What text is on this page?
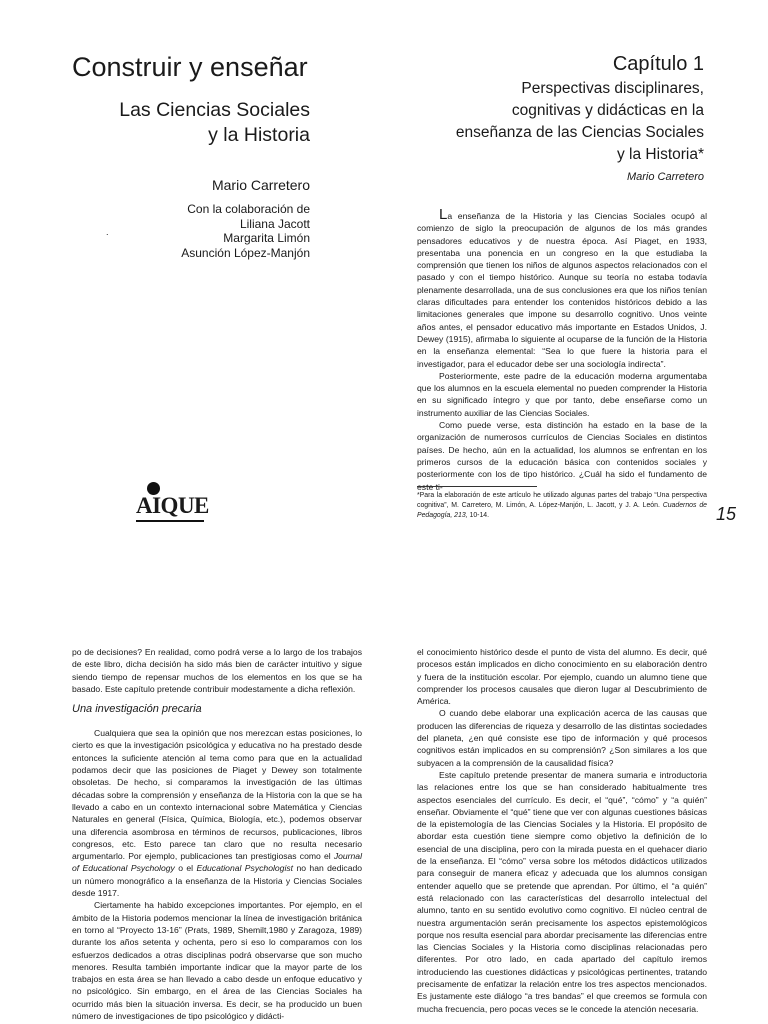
Construir y enseñar
Las Ciencias Sociales
y la Historia
Mario Carretero
Con la colaboración de
Liliana Jacott
Margarita Limón
Asunción López-Manjón
.
AIQUE
Capítulo 1
Perspectivas disciplinares,
cognitivas y didácticas en la
enseñanza de las Ciencias Sociales
y la Historia*
Mario Carretero

La enseñanza de la Historia y las Ciencias Sociales ocupó al comienzo de siglo la preocupación de algunos de los más grandes pensadores educativos y de nuestra época. Así Piaget, en 1933, presentaba una ponencia en un congreso en la que estudiaba la comprensión que tienen los niños de algunos aspectos relacionados con el pasado y con el tiempo histórico. Aunque su teoría no estaba todavía plenamente desarrollada, una de sus conclusiones era que los niños tenían claras dificultades para entender los contenidos históricos debido a las limitaciones generales que impone su desarrollo cognitivo. Unos veinte años antes, el pensador educativo más importante en Estados Unidos, J. Dewey (1915), afirmaba lo siguiente al ocuparse de la función de la Historia en la enseñanza elemental: “Sea lo que fuere la historia para el investigador, para el educador debe ser una sociología indirecta”.

Posteriormente, este padre de la educación moderna argumentaba que los alumnos en la escuela elemental no pueden comprender la Historia en su significado íntegro y que por tanto, debe enseñarse como un instrumento auxiliar de las Ciencias Sociales.

Como puede verse, esta distinción ha estado en la base de la organización de numerosos currículos de Ciencias Sociales en distintos países. De hecho, aún en la actualidad, los alumnos se enfrentan en los primeros cursos de la educación básica con contenidos sociales y posteriormente con los de tipo histórico. ¿Cuál ha sido el fundamento de

*Para la elaboración de este artículo he utilizado algunas partes del trabajo “Una perspectiva cognitiva”, M. Carretero, M. Limón, A. López-Manjón, L. Jacott, y J. A. León. Cuadernos de Pedagogía, 213, 10-14.	15

po de decisiones? En realidad, como podrá verse a lo largo de los trabajos de este libro, dicha decisión ha sido más bien de carácter intuitivo y sigue siendo tiempo de repensar muchos de los elementos en los que se ha basado. Este capítulo pretende contribuir modestamente a dicha reflexión.

Una investigación precaria

Cualquiera que sea la opinión que nos merezcan estas posiciones, lo cierto es que la investigación psicológica y educativa no ha prestado desde entonces la suficiente atención al tema como para que en la actualidad podamos decir que las posiciones de Piaget y Dewey son totalmente obsoletas. De hecho, si comparamos la investigación de las últimas décadas sobre la comprensión y enseñanza de la Historia con la que se ha llevado a cabo en un contexto internacional sobre Matemática y Ciencias Naturales en general (Física, Química, Biología, etc.), podemos observar una diferencia asombrosa en términos de recursos, publicaciones, libros congresos, etc. Esto parece tan claro que no resulta necesario argumentarlo. Por ejemplo, publicaciones tan prestigiosas como el Journal of Educational Psychology o el Educational Psychologist no han dedicado un número monográfico a la enseñanza de la Historia y Ciencias Sociales desde 1917.

Ciertamente ha habido excepciones importantes. Por ejemplo, en el ámbito de la Historia podemos mencionar la línea de investigación británica en torno al “Proyecto 13-16” (Prats, 1989, Shemilt,1980 y Zaragoza, 1989) durante los años setenta y ochenta, pero si eso lo comparamos con los esfuerzos dedicados a otras disciplinas podrá observarse que son mucho menores. Resulta también importante indicar que la mayor parte de los trabajos en esta área se han llevado a cabo desde un enfoque educativo y no psicológico. Sin embargo, en el área de las Ciencias Sociales ha ocurrido más bien la situación inversa. Es decir, se ha producido un buen número de investigaciones de tipo psicológico y didácti-

el conocimiento histórico desde el punto de vista del alumno. Es decir, qué procesos están implicados en dicho conocimiento en su elaboración dentro y fuera de la institución escolar. Por ejemplo, cuando un alumno tiene que comprender los procesos causales que dieron lugar al Descubrimiento de América.

O cuando debe elaborar una explicación acerca de las causas que producen las diferencias de riqueza y desarrollo de las distintas sociedades del planeta, ¿en qué consiste ese tipo de información y qué procesos cognitivos están implicados en su comprensión? ¿Son similares a los que subyacen a la comprensión de la causalidad física?

Este capítulo pretende presentar de manera sumaria e introductoria las relaciones entre los que se han considerado habitualmente tres aspectos esenciales del currículo. Es decir, el “qué”, “cómo” y “a quién” enseñar. Obviamente el “qué” tiene que ver con algunas cuestiones básicas de la epistemología de las Ciencias Sociales y la Historia. El propósito de abordar esta cuestión tiene siempre como objetivo la definición de lo esencial de una disciplina, pero con la mirada puesta en el quehacer diario de la enseñanza. El “cómo” versa sobre los métodos didácticos utilizados para conseguir de manera eficaz y adecuada que los alumnos consigan entender aquello que se pretende que aprendan. Por último, el “a quién” está relacionado con las características del desarrollo intelectual del alumno, tanto en su sentido evolutivo como cognitivo. El núcleo central de nuestra argumentación serán precisamente los aspectos epistemológicos porque nos resulta esencial para abordar precisamente las diferencias entre las Ciencias Sociales y la Historia como disciplinas relacionadas pero diferentes. Por otro lado, en cada apartado del capítulo iremos introduciendo las cuestiones didácticas y psicológicas pertinentes, tratando precisamente de enfatizar la relación entre los tres aspectos mencionados. Es justamente este diálogo “a tres bandas” el que creemos se formula con mucha frecuencia, pero pocas veces se le concede la atención necesaria.
